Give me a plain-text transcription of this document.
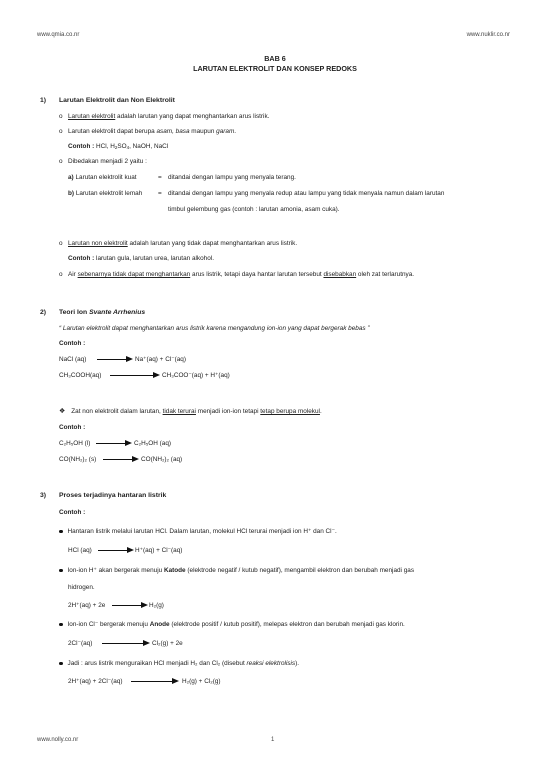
www.qmia.co.nr	www.nuklir.co.nr
BAB 6
LARUTAN ELEKTROLIT DAN KONSEP REDOKS
1) Larutan Elektrolit dan Non Elektrolit
o Larutan elektrolit adalah larutan yang dapat menghantarkan arus listrik.
o Larutan elektrolit dapat berupa asam, basa maupun garam.
Contoh : HCl, $H_2SO_4$, NaOH, NaCl
o Dibedakan menjadi 2 yaitu :
a) Larutan elektrolit kuat	= ditandai dengan lampu yang menyala terang.
b) Larutan elektrolit lemah = ditandai dengan lampu yang menyala redup atau lampu yang tidak menyala namun dalam larutan
timbul gelembung gas (contoh : larutan amonia, asam cuka).
o Larutan non elektrolit adalah larutan yang tidak dapat menghantarkan arus listrik.
Contoh : larutan gula, larutan urea, larutan alkohol.
o Air sebenarnya tidak dapat menghantarkan arus listrik, tetapi daya hantar larutan tersebut disebabkan oleh zat terlarutnya.
2) Teori Ion Svante Arrhenius
“ Larutan elektrolit dapat menghantarkan arus listrik karena mengandung ion-ion yang dapat bergerak bebas ”
Contoh :
NaCl (aq)	Na⁺(aq) + Cl⁻(aq)
CH₃COOH(aq)	CH₃COO⁻(aq) + H⁺(aq)
❖ Zat non elektrolit dalam larutan, tidak terurai menjadi ion-ion tetapi tetap berupa molekul.
Contoh :
C₂H₅OH (l)	C₂H₅OH (aq)
CO(NH₂)₂ (s)	CO(NH₂)₂ (aq)
3) Proses terjadinya hantaran listrik
Contoh :
Hantaran listrik melalui larutan HCl. Dalam larutan, molekul HCl terurai menjadi ion H⁺ dan Cl⁻.
HCl (aq)	H⁺(aq) + Cl⁻(aq)
Ion-ion H⁺ akan bergerak menuju Katode (elektrode negatif / kutub negatif), mengambil elektron dan berubah menjadi gas
hidrogen.
2H⁺(aq) + 2e	H₂(g)
Ion-ion Cl⁻ bergerak menuju Anode (elektrode positif / kutub positif), melepas elektron dan berubah menjadi gas klorin.
2Cl⁻(aq)	Cl₂(g) + 2e
Jadi : arus listrik menguraikan HCl menjadi H₂ dan Cl₂ (disebut reaksi elektrolisis).
2H⁺(aq) + 2Cl⁻(aq)	H₂(g) + Cl₂(g)
www.nolly.co.nr	1
